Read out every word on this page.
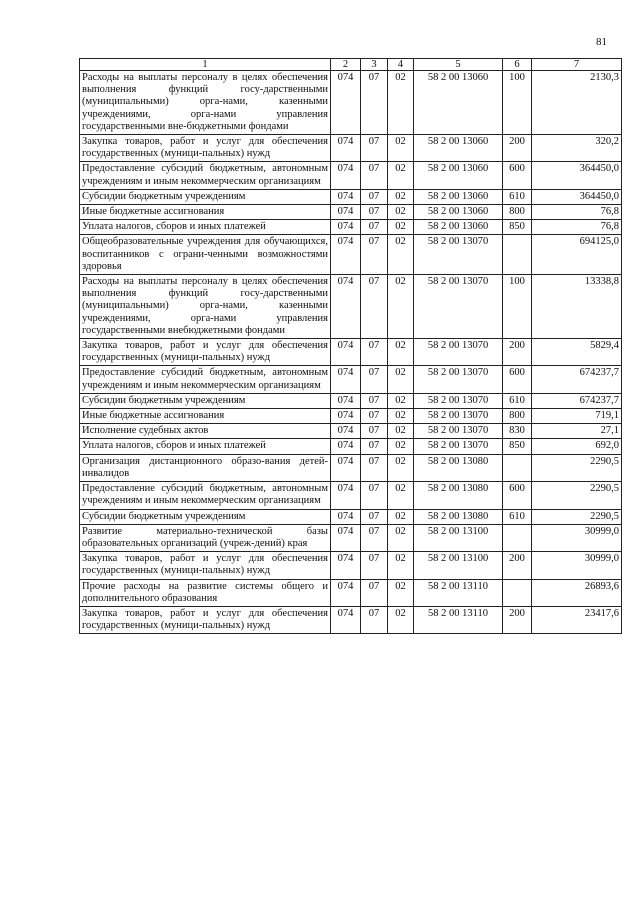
81
1	2	3	4	5	6	7
Расходы на выплаты персоналу в целях обеспечения выполнения функций госу-дарственными (муниципальными) орга-нами, казенными учреждениями, орга-нами управления государственными вне-бюджетными фондами	074	07	02	58 2 00 13060	100	2130,3
Закупка товаров, работ и услуг для обеспечения государственных (муници-пальных) нужд	074	07	02	58 2 00 13060	200	320,2
Предоставление субсидий бюджетным, автономным учреждениям и иным некоммерческим организациям	074	07	02	58 2 00 13060	600	364450,0
Субсидии бюджетным учреждениям	074	07	02	58 2 00 13060	610	364450,0
Иные бюджетные ассигнования	074	07	02	58 2 00 13060	800	76,8
Уплата налогов, сборов и иных платежей	074	07	02	58 2 00 13060	850	76,8
Общеобразовательные учреждения для обучающихся, воспитанников с ограни-ченными возможностями здоровья	074	07	02	58 2 00 13070		694125,0
Расходы на выплаты персоналу в целях обеспечения выполнения функций госу-дарственными (муниципальными) орга-нами, казенными учреждениями, орга-нами управления государственными внебюджетными фондами	074	07	02	58 2 00 13070	100	13338,8
Закупка товаров, работ и услуг для обеспечения государственных (муници-пальных) нужд	074	07	02	58 2 00 13070	200	5829,4
Предоставление субсидий бюджетным, автономным учреждениям и иным некоммерческим организациям	074	07	02	58 2 00 13070	600	674237,7
Субсидии бюджетным учреждениям	074	07	02	58 2 00 13070	610	674237,7
Иные бюджетные ассигнования	074	07	02	58 2 00 13070	800	719,1
Исполнение судебных актов	074	07	02	58 2 00 13070	830	27,1
Уплата налогов, сборов и иных платежей	074	07	02	58 2 00 13070	850	692,0
Организация дистанционного образо-вания детей-инвалидов	074	07	02	58 2 00 13080		2290,5
Предоставление субсидий бюджетным, автономным учреждениям и иным некоммерческим организациям	074	07	02	58 2 00 13080	600	2290,5
Субсидии бюджетным учреждениям	074	07	02	58 2 00 13080	610	2290,5
Развитие материально-технической базы образовательных организаций (учреж-дений) края	074	07	02	58 2 00 13100		30999,0
Закупка товаров, работ и услуг для обеспечения государственных (муници-пальных) нужд	074	07	02	58 2 00 13100	200	30999,0
Прочие расходы на развитие системы общего и дополнительного образования	074	07	02	58 2 00 13110		26893,6
Закупка товаров, работ и услуг для обеспечения государственных (муници-пальных) нужд	074	07	02	58 2 00 13110	200	23417,6
